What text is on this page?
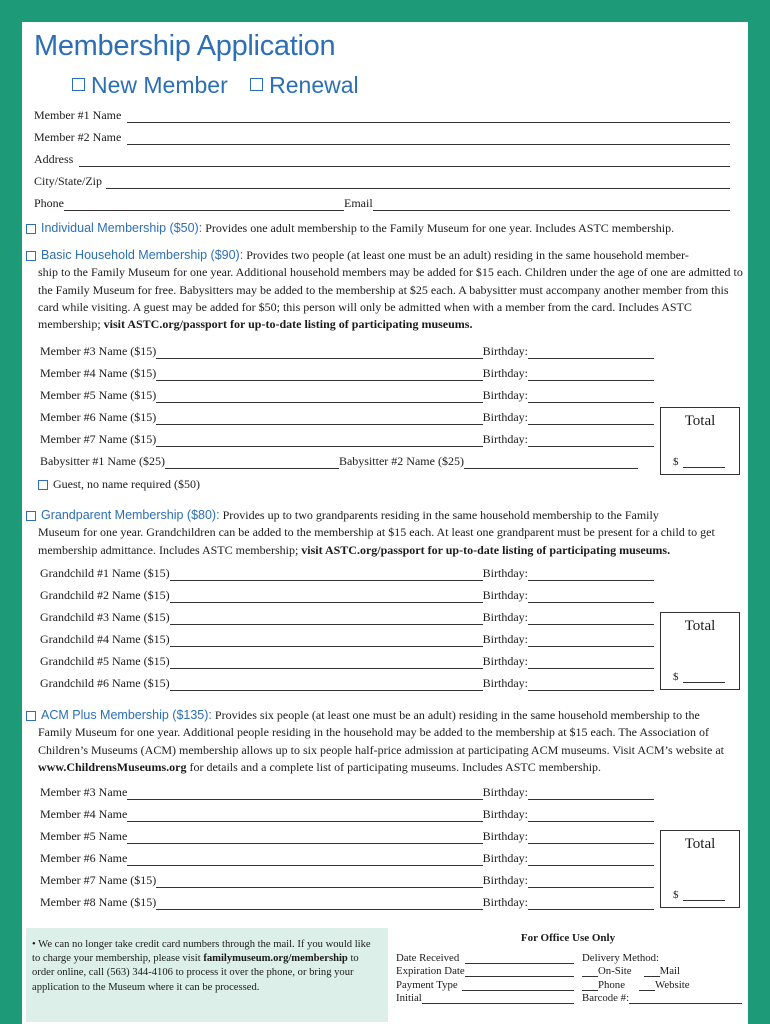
Membership Application
New Member Renewal
Member #1 Name
Member #2 Name
Address
City/State/Zip
Phone	Email
Individual Membership ($50): Provides one adult membership to the Family Museum for one year. Includes ASTC membership.
Basic Household Membership ($90): Provides two people (at least one must be an adult) residing in the same household member-
ship to the Family Museum for one year. Additional household members may be added for $15 each. Children under the age of one are admitted to the Family Museum for free. Babysitters may be added to the membership at $25 each. A babysitter must accompany another member from this card while visiting. A guest may be added for $50; this person will only be admitted when with a member from the card. Includes ASTC membership; visit ASTC.org/passport for up-to-date listing of participating museums.
Member #3 Name ($15)	Birthday:
Member #4 Name ($15)	Birthday:
Member #5 Name ($15)	Birthday:
Member #6 Name ($15)	Birthday:
Member #7 Name ($15)	Birthday:
Babysitter #1 Name ($25)	Babysitter #2 Name ($25)
Guest, no name required ($50)
Total
$
Grandparent Membership ($80): Provides up to two grandparents residing in the same household membership to the Family
Museum for one year. Grandchildren can be added to the membership at $15 each. At least one grandparent must be present for a child to get membership admittance. Includes ASTC membership; visit ASTC.org/passport for up-to-date listing of participating museums.
Grandchild #1 Name ($15)	Birthday:
Grandchild #2 Name ($15)	Birthday:
Grandchild #3 Name ($15)	Birthday:
Grandchild #4 Name ($15)	Birthday:
Grandchild #5 Name ($15)	Birthday:
Grandchild #6 Name ($15)	Birthday:
Total
$
ACM Plus Membership ($135): Provides six people (at least one must be an adult) residing in the same household membership to the
Family Museum for one year. Additional people residing in the household may be added to the membership at $15 each. The Association of Children’s Museums (ACM) membership allows up to six people half-price admission at participating ACM museums. Visit ACM’s website at www.ChildrensMuseums.org for details and a complete list of participating museums. Includes ASTC membership.
Member #3 Name	Birthday:
Member #4 Name	Birthday:
Member #5 Name	Birthday:
Member #6 Name	Birthday:
Member #7 Name ($15)	Birthday:
Member #8 Name ($15)	Birthday:
Total
$
• We can no longer take credit card numbers through the mail. If you would like to charge your membership, please visit familymuseum.org/membership to order online, call (563) 344-4106 to process it over the phone, or bring your application to the Museum where it can be processed.
For Office Use Only
Date Received
Expiration Date
Payment Type
Initial
Delivery Method:
On-Site	Mail
Phone	Website
Barcode #:
